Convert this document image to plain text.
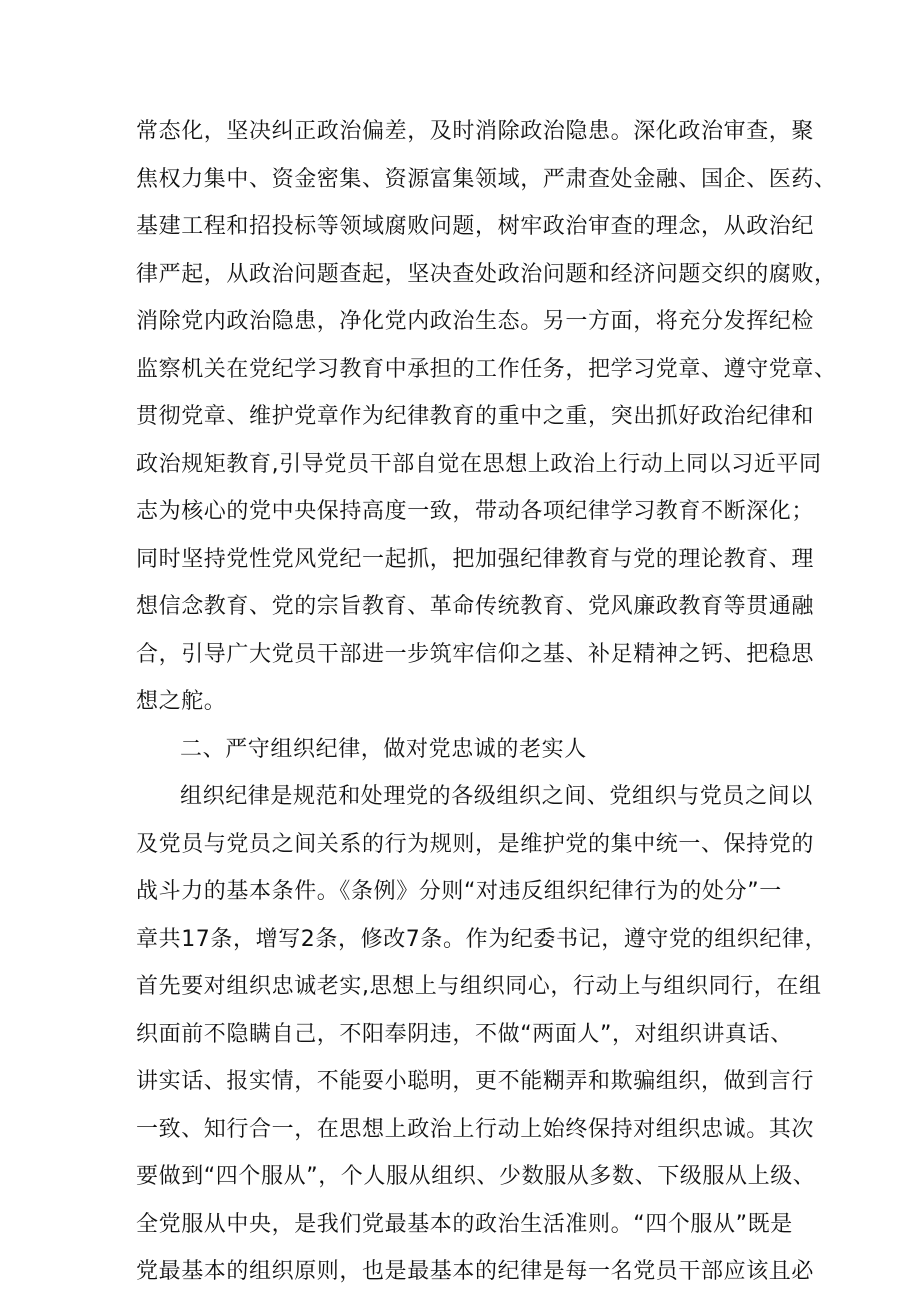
常态化，坚决纠正政治偏差，及时消除政治隐患。深化政治审查，聚
焦权力集中、资金密集、资源富集领域，严肃查处金融、国企、医药、
基建工程和招投标等领域腐败问题，树牢政治审查的理念，从政治纪
律严起，从政治问题查起，坚决查处政治问题和经济问题交织的腐败，
消除党内政治隐患，净化党内政治生态。另一方面，将充分发挥纪检
监察机关在党纪学习教育中承担的工作任务，把学习党章、遵守党章、
贯彻党章、维护党章作为纪律教育的重中之重，突出抓好政治纪律和
政治规矩教育,引导党员干部自觉在思想上政治上行动上同以习近平同
志为核心的党中央保持高度一致，带动各项纪律学习教育不断深化；
同时坚持党性党风党纪一起抓，把加强纪律教育与党的理论教育、理
想信念教育、党的宗旨教育、革命传统教育、党风廉政教育等贯通融
合，引导广大党员干部进一步筑牢信仰之基、补足精神之钙、把稳思
想之舵。
二、严守组织纪律，做对党忠诚的老实人
组织纪律是规范和处理党的各级组织之间、党组织与党员之间以
及党员与党员之间关系的行为规则，是维护党的集中统一、保持党的
战斗力的基本条件。《条例》分则“对违反组织纪律行为的处分”一
章共17条，增写2条，修改7条。作为纪委书记，遵守党的组织纪律，
首先要对组织忠诚老实,思想上与组织同心，行动上与组织同行，在组
织面前不隐瞒自己，不阳奉阴违，不做“两面人”，对组织讲真话、
讲实话、报实情，不能耍小聪明，更不能糊弄和欺骗组织，做到言行
一致、知行合一，在思想上政治上行动上始终保持对组织忠诚。其次
要做到“四个服从”，个人服从组织、少数服从多数、下级服从上级、
全党服从中央，是我们党最基本的政治生活准则。“四个服从”既是
党最基本的组织原则，也是最基本的纪律是每一名党员干部应该且必
